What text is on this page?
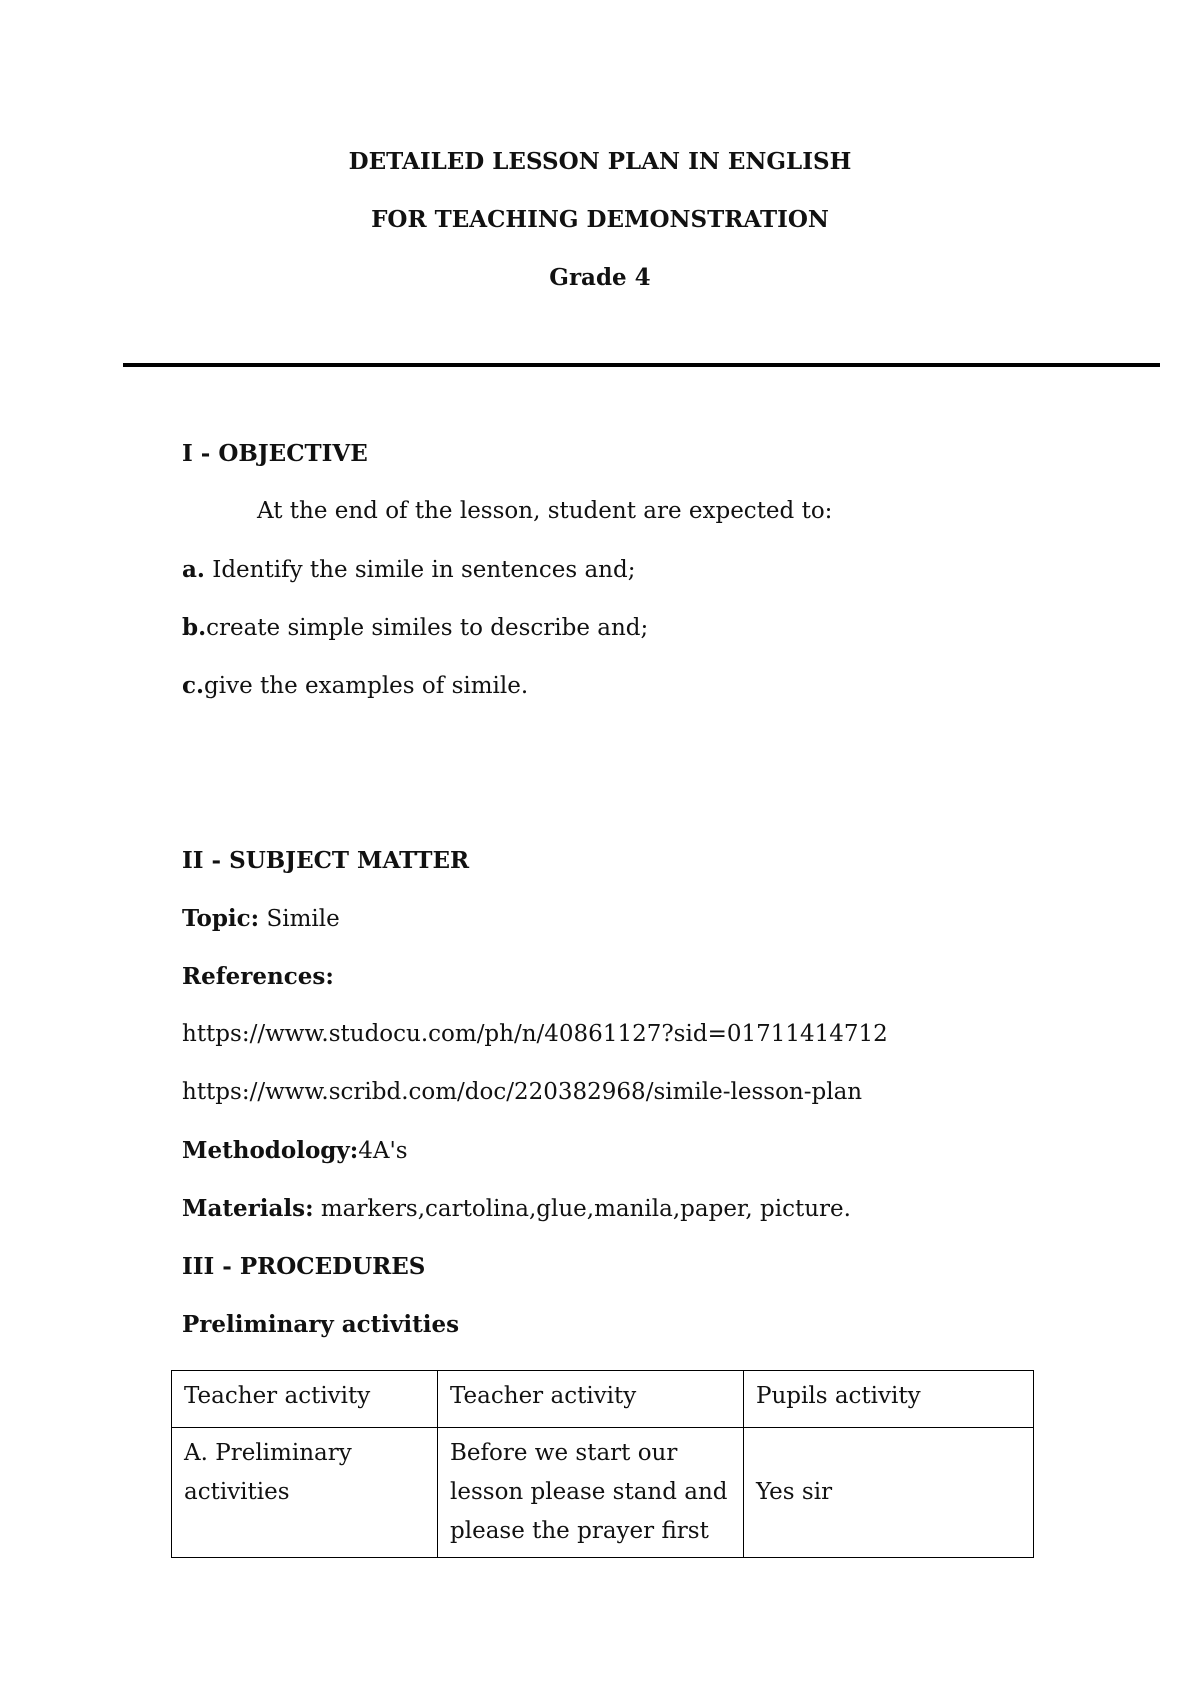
DETAILED LESSON PLAN IN ENGLISH
FOR TEACHING DEMONSTRATION
Grade 4
I - OBJECTIVE
At the end of the lesson, student are expected to:
a. Identify the simile in sentences and;
b.create simple similes to describe and;
c.give the examples of simile.
II - SUBJECT MATTER
Topic: Simile
References:
https://www.studocu.com/ph/n/40861127?sid=01711414712
https://www.scribd.com/doc/220382968/simile-lesson-plan
Methodology:4A's
Materials: markers,cartolina,glue,manila,paper, picture.
III - PROCEDURES
Preliminary activities
Teacher activity	Teacher activity	Pupils activity
A. Preliminary activities	Before we start our lesson please stand and please the prayer first	Yes sir
